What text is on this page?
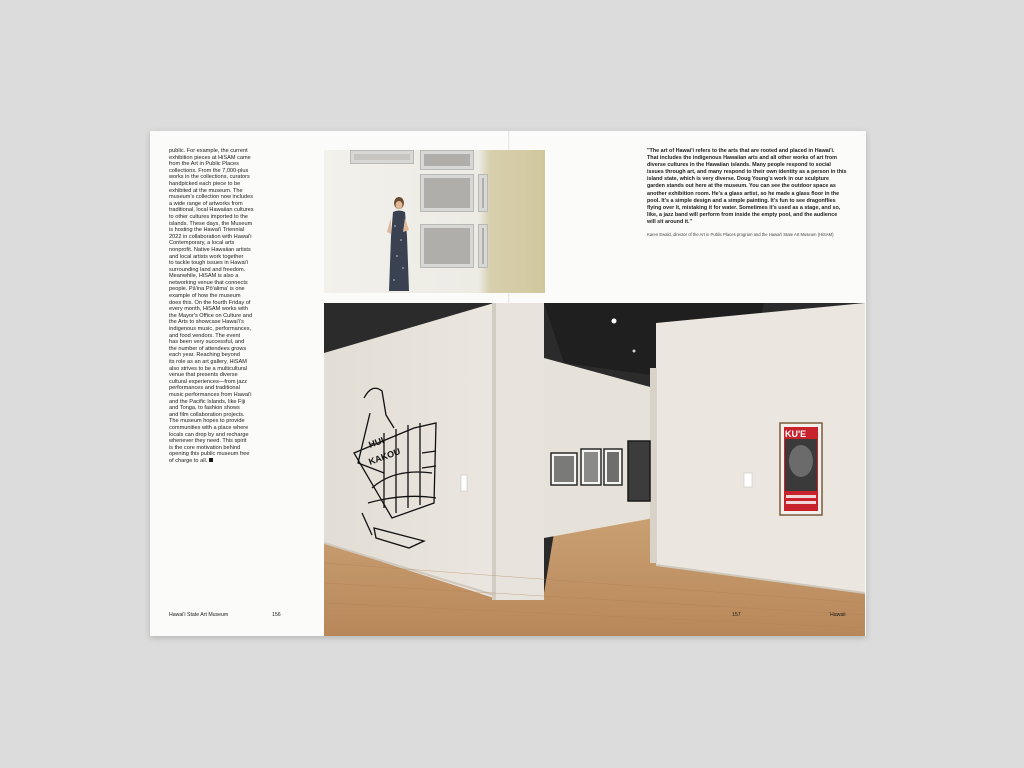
public. For example, the current
exhibition pieces at HiSAM came
from the Art in Public Places
collections. From the 7,000-plus
works in the collections, curators
handpicked each piece to be
exhibited at the museum. The
museum's collection now includes
a wide range of artworks from
traditional, local Hawaiian cultures
to other cultures imported to the
islands. These days, the Museum
is hosting the Hawai'i Triennial
2022 in collaboration with Hawai'i
Contemporary, a local arts
nonprofit. Native Hawaiian artists
and local artists work together
to tackle tough issues in Hawai'i
surrounding land and freedom.
Meanwhile, HiSAM is also a
networking venue that connects
people. Pā'ina Pō'alima' is one
example of how the museum
does this. On the fourth Friday of
every month, HiSAM works with
the Mayor's Office on Culture and
the Arts to showcase Hawai'i's
indigenous music, performances,
and food vendors. The event
has been very successful, and
the number of attendees grows
each year. Reaching beyond
its role as an art gallery, HiSAM
also strives to be a multicultural
venue that presents diverse
cultural experiences—from jazz
performances and traditional
music performances from Hawai'i
and the Pacific Islands, like Fiji
and Tonga, to fashion shows
and film collaboration projects.
The museum hopes to provide
communities with a place where
locals can drop by and recharge
whenever they need. This spirit
is the core motivation behind
opening this public museum free
of charge to all.
"The art of Hawai'i refers to the arts that are rooted and placed in Hawai'i. That includes the indigenous Hawaiian arts and all other works of art from diverse cultures in the Hawaiian islands. Many people respond to social issues through art, and many respond to their own identity as a person in this island state, which is very diverse. Doug Young's work in our sculpture garden stands out here at the museum. You can see the outdoor space as another exhibition room. He's a glass artist, so he made a glass floor in the pool. It's a simple design and a simple painting. It's fun to see dragonflies flying over it, mistaking it for water. Sometimes it's used as a stage, and so, like, a jazz band will perform from inside the empty pool, and the audience will sit around it."
Karen Ewald, director of the Art in Public Places program and the Hawai'i State Art Museum (HiSAM)
HUI
KAKOU
KU'E
Hawai'i State Art Museum	156	157	Hawaii
